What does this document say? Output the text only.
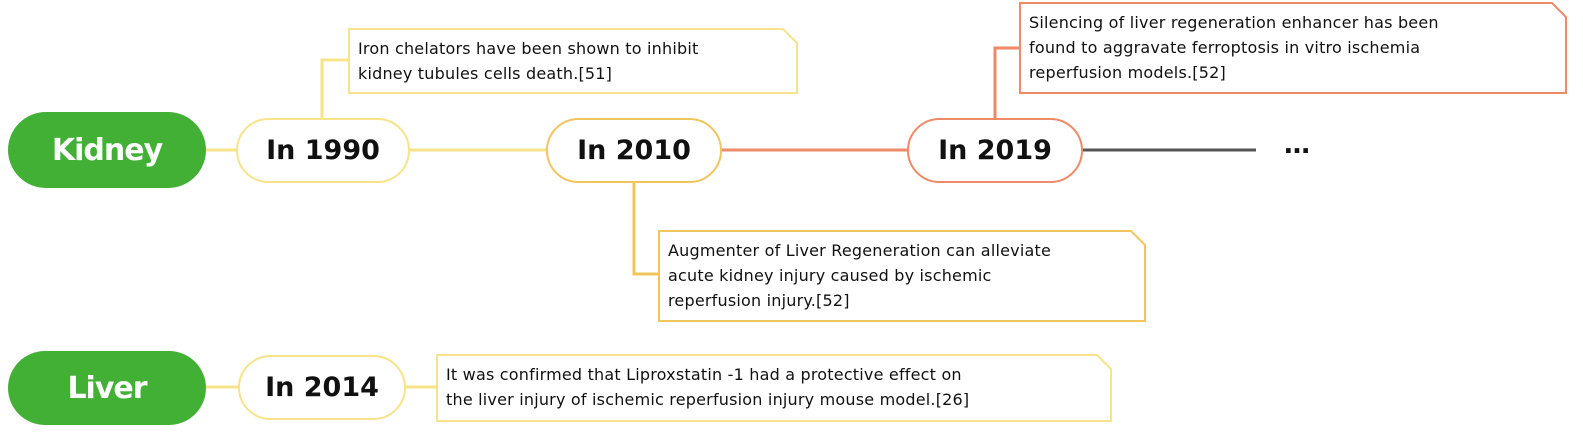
Kidney	In 1990	In 2010	In 2019	…
Iron chelators have been shown to inhibit
kidney tubules cells death.[51]
Augmenter of Liver Regeneration can alleviate
acute kidney injury caused by ischemic
reperfusion injury.[52]
Silencing of liver regeneration enhancer has been
found to aggravate ferroptosis in vitro ischemia
reperfusion models.[52]
Liver	In 2014	It was confirmed that Liproxstatin -1 had a protective effect on
the liver injury of ischemic reperfusion injury mouse model.[26]
